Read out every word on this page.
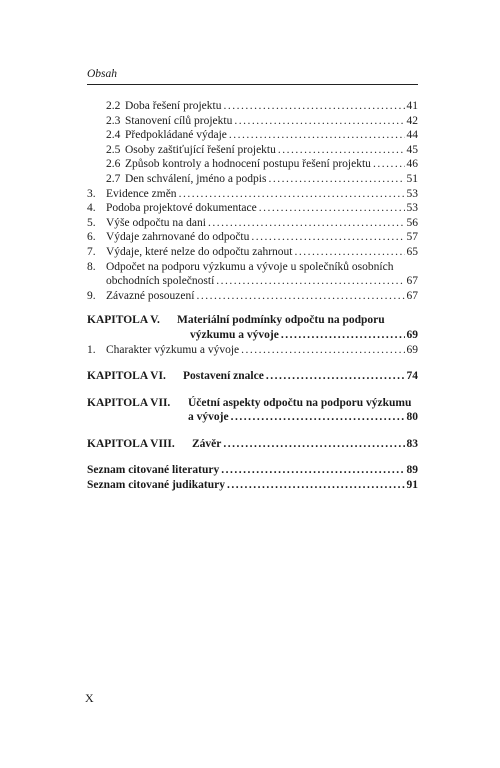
Obsah
2.2 Doba řešení projektu .....	41
2.3 Stanovení cílů projektu .....	42
2.4 Předpokládané výdaje .....	44
2.5 Osoby zaštiťující řešení projektu .....	45
2.6 Způsob kontroly a hodnocení postupu řešení projektu .....	46
2.7 Den schválení, jméno a podpis .....	51
3. Evidence změn .....	53
4. Podoba projektové dokumentace .....	53
5. Výše odpočtu na dani .....	56
6. Výdaje zahrnované do odpočtu .....	57
7. Výdaje, které nelze do odpočtu zahrnout .....	65
8. Odpočet na podporu výzkumu a vývoje u společníků osobních
obchodních společností .....	67
9. Závazné posouzení .....	67
KAPITOLA V. Materiální podmínky odpočtu na podporu
výzkumu a vývoje .....	69
1. Charakter výzkumu a vývoje .....	69
KAPITOLA VI. Postavení znalce .....	74
KAPITOLA VII. Účetní aspekty odpočtu na podporu výzkumu
a vývoje .....	80
KAPITOLA VIII. Závěr .....	83
Seznam citované literatury .....	89
Seznam citované judikatury .....	91
X
